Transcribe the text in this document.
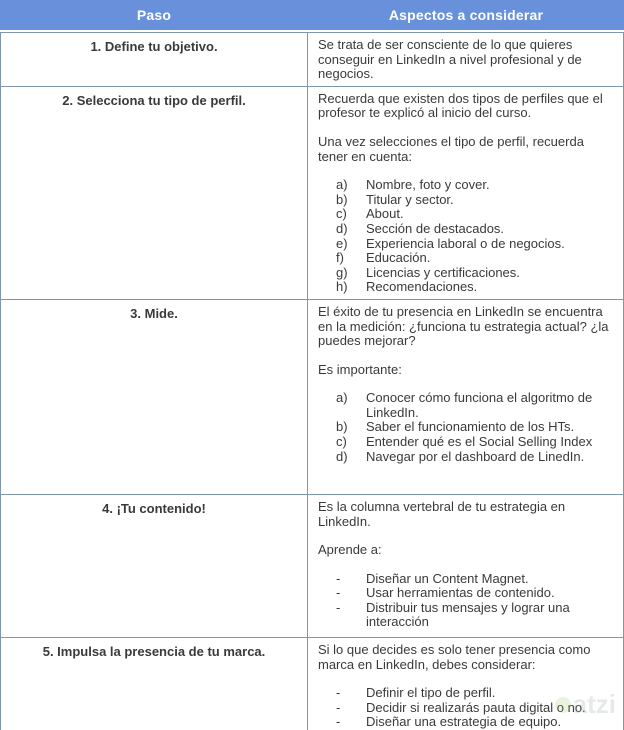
Paso	Aspectos a considerar
1. Define tu objetivo.	Se trata de ser consciente de lo que quieres conseguir en LinkedIn a nivel profesional y de negocios.

2. Selecciona tu tipo de perfil.	Recuerda que existen dos tipos de perfiles que el profesor te explicó al inicio del curso.

Una vez selecciones el tipo de perfil, recuerda tener en cuenta:

a)	Nombre, foto y cover.
b)	Titular y sector.
c)	About.
d)	Sección de destacados.
e)	Experiencia laboral o de negocios.
f)	Educación.
g)	Licencias y certificaciones.
h)	Recomendaciones.
3. Mide.	El éxito de tu presencia en LinkedIn se encuentra en la medición: ¿funciona tu estrategia actual? ¿la puedes mejorar?

Es importante:

a)	Conocer cómo funciona el algoritmo de LinkedIn.
b)	Saber el funcionamiento de los HTs.
c)	Entender qué es el Social Selling Index
d)	Navegar por el dashboard de LinedIn.
4. ¡Tu contenido!	Es la columna vertebral de tu estrategia en LinkedIn.

Aprende a:

-	Diseñar un Content Magnet.
-	Usar herramientas de contenido.
-	Distribuir tus mensajes y lograr una interacción
5. Impulsa la presencia de tu marca.	Si lo que decides es solo tener presencia como marca en LinkedIn, debes considerar:

-	Definir el tipo de perfil.
-	Decidir si realizarás pauta digital o no.
-	Diseñar una estrategia de equipo.
atzi
